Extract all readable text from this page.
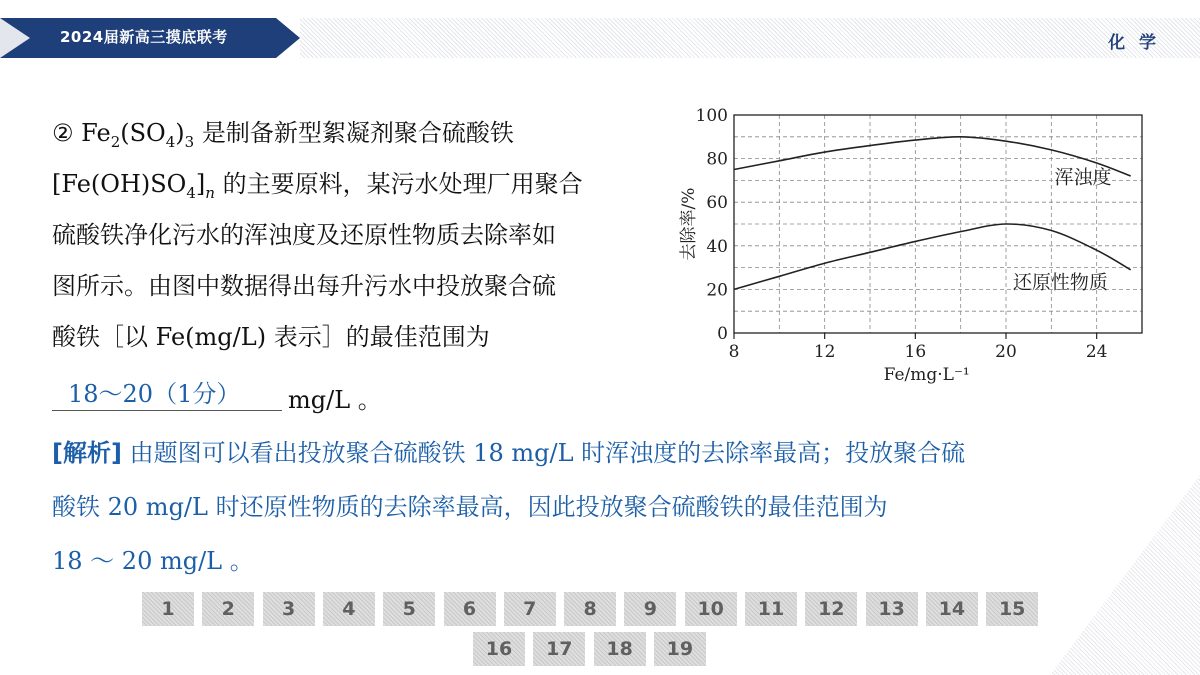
2024届新高三摸底联考	化 学
② $Fe_2(SO_4)_3$ 是制备新型絮凝剂聚合硫酸铁
$[Fe(OH)SO_4]_n$ 的主要原料，某污水处理厂用聚合
硫酸铁净化污水的浑浊度及还原性物质去除率如
图所示。由图中数据得出每升污水中投放聚合硫
酸铁［以 Fe(mg/L) 表示］的最佳范围为
18～20（1分） mg/L 。
[解析] 由题图可以看出投放聚合硫酸铁 18 mg/L 时浑浊度的去除率最高；投放聚合硫
酸铁 20 mg/L 时还原性物质的去除率最高，因此投放聚合硫酸铁的最佳范围为
18 ～ 20 mg/L 。
8	12	16	20	24
0
20
40
60
80
100
Fe/mg·L⁻¹
去除率/%
浑浊度
还原性物质
1	2	3	4	5	6	7	8	9	10	11	12	13	14	15
16	17	18	19
